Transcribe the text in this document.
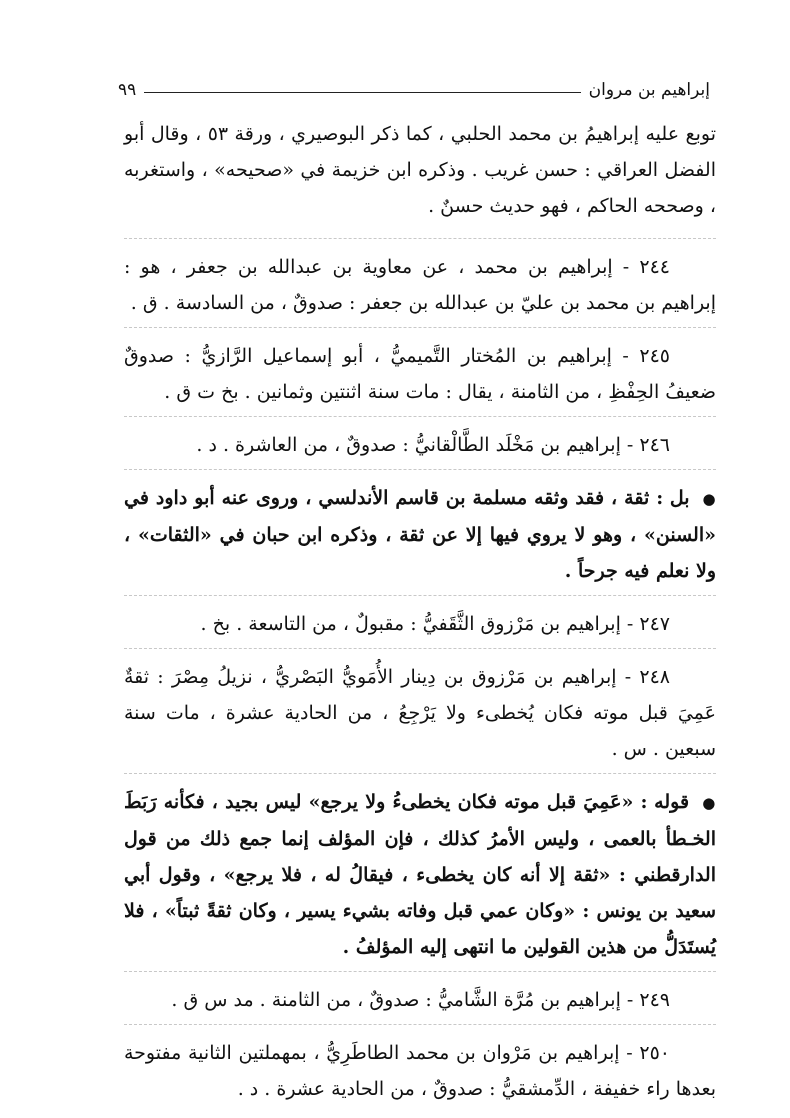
إبراهيم بن مروان
٩٩

توبع عليه إبراهيمُ بن محمد الحلبي ، كما ذكر البوصيري ، ورقة ٥٣ ، وقال أبو الفضل العراقي : حسن غريب . وذكره ابن خزيمة في «صحيحه» ، واستغربه ، وصححه الحاكم ، فهو حديث حسنٌ .

٢٤٤ - إبراهيم بن محمد ، عن معاوية بن عبدالله بن جعفر ، هو : إبراهيم بن محمد بن عليّ بن عبدالله بن جعفر : صدوقٌ ، من السادسة . ق .

٢٤٥ - إبراهيم بن المُختار التَّميميُّ ، أبو إسماعيل الرَّازيُّ : صدوقٌ ضعيفُ الحِفْظِ ، من الثامنة ، يقال : مات سنة اثنتين وثمانين . بخ ت ق .

٢٤٦ - إبراهيم بن مَخْلَد الطَّالْقانيُّ : صدوقٌ ، من العاشرة . د .

● بل : ثقة ، فقد وثقه مسلمة بن قاسم الأندلسي ، وروى عنه أبو داود في «السنن» ، وهو لا يروي فيها إلا عن ثقة ، وذكره ابن حبان في «الثقات» ، ولا نعلم فيه جرحاً .

٢٤٧ - إبراهيم بن مَرْزوق الثَّقَفيُّ : مقبولٌ ، من التاسعة . بخ .

٢٤٨ - إبراهيم بن مَرْزوق بن دِينار الأُمَويُّ البَصْريُّ ، نزيلُ مِصْرَ : ثقةٌ عَمِيَ قبل موته فكان يُخطىء ولا يَرْجِعُ ، من الحادية عشرة ، مات سنة سبعين . س .

● قوله : «عَمِيَ قبل موته فكان يخطىءُ ولا يرجع» ليس بجيد ، فكأنه رَبَطَ الخـطأ بالعمى ، وليس الأمرُ كذلك ، فإن المؤلف إنما جمع ذلك من قول الدارقطني : «ثقة إلا أنه كان يخطىء ، فيقالُ له ، فلا يرجع» ، وقول أبي سعيد بن يونس : «وكان عمي قبل وفاته بشيء يسير ، وكان ثقةً ثبتاً» ، فلا يُستَدَلُّ من هذين القولين ما انتهى إليه المؤلفُ .

٢٤٩ - إبراهيم بن مُرَّة الشَّاميُّ : صدوقٌ ، من الثامنة . مد س ق .

٢٥٠ - إبراهيم بن مَرْوان بن محمد الطاطَرِيُّ ، بمهملتين الثانية مفتوحة بعدها راء خفيفة ، الدِّمشقيُّ : صدوقٌ ، من الحادية عشرة . د .
